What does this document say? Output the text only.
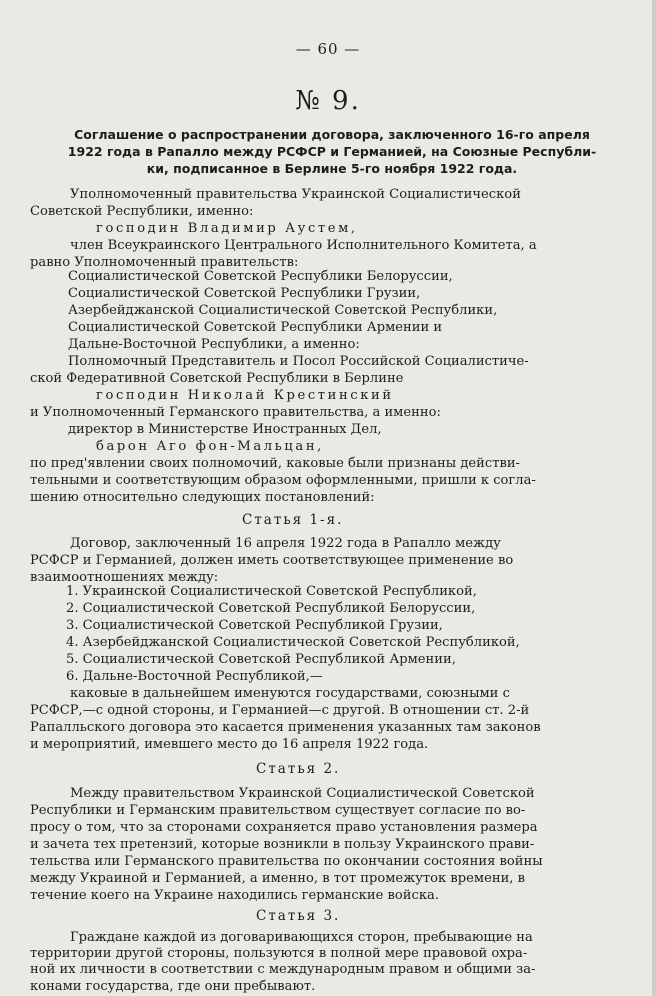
— 60 —
№ 9.
Соглашение о распространении договора, заключенного 16-го апреля
1922 года в Рапалло между РСФСР и Германией, на Союзные Республи-
ки, подписанное в Берлине 5-го ноября 1922 года.
Уполномоченный правительства Украинской Социалистической
Советской Республики, именно:
господин Владимир Аустем,
член Всеукраинского Центрального Исполнительного Комитета, а
равно Уполномоченный правительств:
Социалистической Советской Республики Белоруссии,
Социалистической Советской Республики Грузии,
Азербейджанской Социалистической Советской Республики,
Социалистической Советской Республики Армении и
Дальне-Восточной Республики, а именно:
Полномочный Представитель и Посол Российской Социалистиче-
ской Федеративной Советской Республики в Берлине
господин Николай Крестинский
и Уполномоченный Германского правительства, а именно:
директор в Министерстве Иностранных Дел,
барон Аго фон-Мальцан,
по пред'явлении своих полномочий, каковые были признаны действи-
тельными и соответствующим образом оформленными, пришли к согла-
шению относительно следующих постановлений:
Статья 1-я.
Договор, заключенный 16 апреля 1922 года в Рапалло между
РСФСР и Германией, должен иметь соответствующее применение во
взаимоотношениях между:
1. Украинской Социалистической Советской Республикой,
2. Социалистической Советской Республикой Белоруссии,
3. Социалистической Советской Республикой Грузии,
4. Азербейджанской Социалистической Советской Республикой,
5. Социалистической Советской Республикой Армении,
6. Дальне-Восточной Республикой,—
каковые в дальнейшем именуются государствами, союзными с
РСФСР,—с одной стороны, и Германией—с другой. В отношении ст. 2-й
Рапалльского договора это касается применения указанных там законов
и мероприятий, имевшего место до 16 апреля 1922 года.
Статья 2.
Между правительством Украинской Социалистической Советской
Республики и Германским правительством существует согласие по во-
просу о том, что за сторонами сохраняется право установления размера
и зачета тех претензий, которые возникли в пользу Украинского прави-
тельства или Германского правительства по окончании состояния войны
между Украиной и Германией, а именно, в тот промежуток времени, в
течение коего на Украине находились германские войска.
Статья 3.
Граждане каждой из договаривающихся сторон, пребывающие на
территории другой стороны, пользуются в полной мере правовой охра-
ной их личности в соответствии с международным правом и общими за-
конами государства, где они пребывают.
